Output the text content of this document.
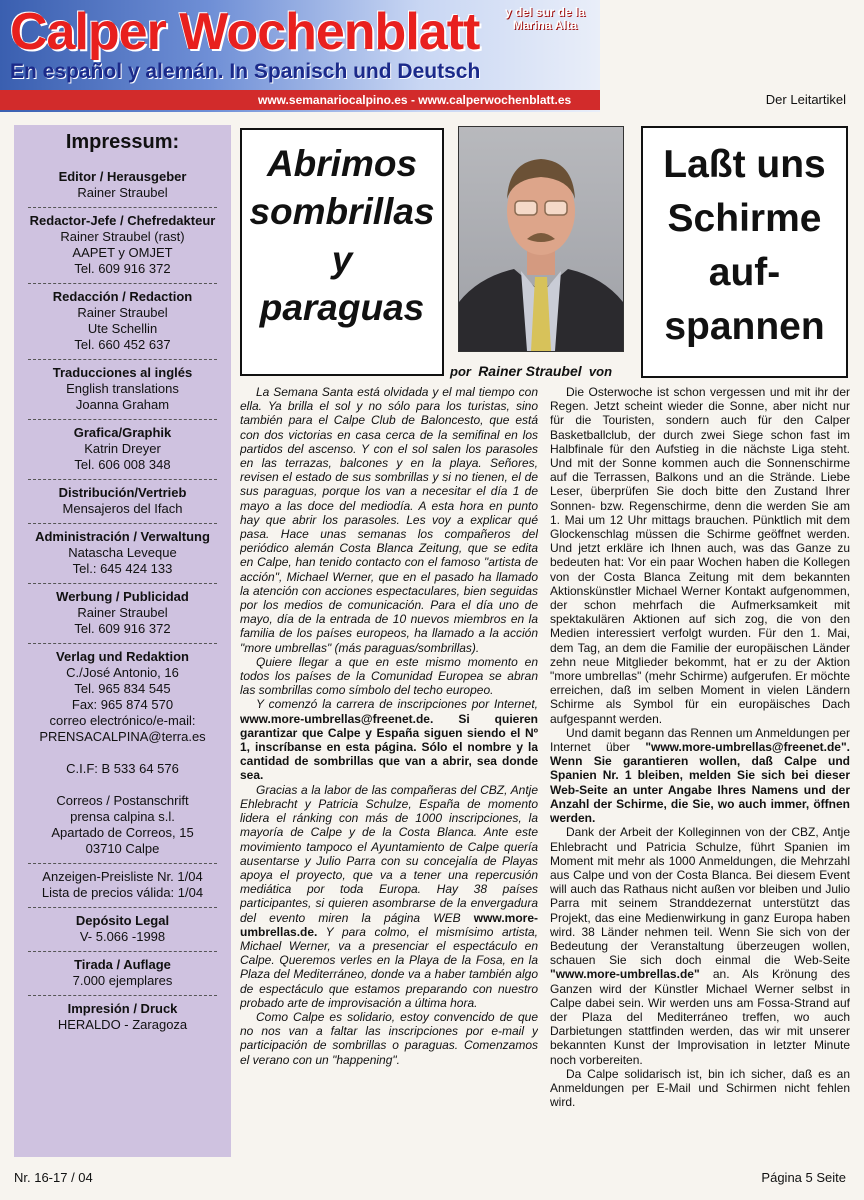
Calper Wochenblatt	y del sur de la Marina Alta
En español y alemán. In Spanisch und Deutsch
www.semanariocalpino.es - www.calperwochenblatt.es	Der Leitartikel
Impressum:
Editor / Herausgeber
Rainer Straubel
Redactor-Jefe / Chefredakteur
Rainer Straubel (rast)
AAPET y OMJET
Tel. 609 916 372
Redacción / Redaction
Rainer Straubel
Ute Schellin
Tel. 660 452 637
Traducciones al inglés
English translations
Joanna Graham
Grafica/Graphik
Katrin Dreyer
Tel. 606 008 348
Distribución/Vertrieb
Mensajeros del Ifach
Administración / Verwaltung
Natascha Leveque
Tel.: 645 424 133
Werbung / Publicidad
Rainer Straubel
Tel. 609 916 372
Verlag und Redaktion
C./José Antonio, 16
Tel. 965 834 545
Fax: 965 874 570
correo electrónico/e-mail:
PRENSACALPINA@terra.es

C.I.F: B 533 64 576

Correos / Postanschrift
prensa calpina s.l.
Apartado de Correos, 15
03710 Calpe
Anzeigen-Preisliste Nr. 1/04
Lista de precios válida: 1/04
Depósito Legal
V- 5.066 -1998
Tirada / Auflage
7.000 ejemplares
Impresión / Druck
HERALDO - Zaragoza
Abrimos
sombrillas
y
paraguas
Laßt uns
Schirme
auf-
spannen
por Rainer Straubel von

La Semana Santa está olvidada y el mal tiempo con ella. Ya brilla el sol y no sólo para los turistas, sino también para el Calpe Club de Baloncesto, que está con dos victorias en casa cerca de la semifinal en los partidos del ascenso. Y con el sol salen los parasoles en las terrazas, balcones y en la playa. Señores, revisen el estado de sus sombrillas y si no tienen, el de sus paraguas, porque los van a necesitar el día 1 de mayo a las doce del mediodía. A esta hora en punto hay que abrir los parasoles. Les voy a explicar qué pasa. Hace unas semanas los compañeros del periódico alemán Costa Blanca Zeitung, que se edita en Calpe, han tenido contacto con el famoso "artista de acción", Michael Werner, que en el pasado ha llamado la atención con acciones espectaculares, bien seguidas por los medios de comunicación. Para el día uno de mayo, día de la entrada de 10 nuevos miembros en la familia de los países europeos, ha llamado a la acción "more umbrellas" (más paraguas/sombrillas).

Quiere llegar a que en este mismo momento en todos los países de la Comunidad Europea se abran las sombrillas como símbolo del techo europeo.

Y comenzó la carrera de inscripciones por Internet, www.more-umbrellas@freenet.de. Si quieren garantizar que Calpe y España siguen siendo el Nº 1, inscríbanse en esta página. Sólo el nombre y la cantidad de sombrillas que van a abrir, sea donde sea.

Gracias a la labor de las compañeras del CBZ, Antje Ehlebracht y Patricia Schulze, España de momento lidera el ránking con más de 1000 inscripciones, la mayoría de Calpe y de la Costa Blanca. Ante este movimiento tampoco el Ayuntamiento de Calpe quería ausentarse y Julio Parra con su concejalía de Playas apoya el proyecto, que va a tener una repercusión mediática por toda Europa. Hay 38 países participantes, si quieren asombrarse de la envergadura del evento miren la página WEB www.more-umbrellas.de. Y para colmo, el mismísimo artista, Michael Werner, va a presenciar el espectáculo en Calpe. Queremos verles en la Playa de la Fosa, en la Plaza del Mediterráneo, donde va a haber también algo de espectáculo que estamos preparando con nuestro probado arte de improvisación a última hora.

Como Calpe es solidario, estoy convencido de que no nos van a faltar las inscripciones por e-mail y participación de sombrillas o paraguas. Comenzamos el verano con un "happening".

Die Osterwoche ist schon vergessen und mit ihr der Regen. Jetzt scheint wieder die Sonne, aber nicht nur für die Touristen, sondern auch für den Calper Basketballclub, der durch zwei Siege schon fast im Halbfinale für den Aufstieg in die nächste Liga steht. Und mit der Sonne kommen auch die Sonnenschirme auf die Terrassen, Balkons und an die Strände. Liebe Leser, überprüfen Sie doch bitte den Zustand Ihrer Sonnen- bzw. Regenschirme, denn die werden Sie am 1. Mai um 12 Uhr mittags brauchen. Pünktlich mit dem Glockenschlag müssen die Schirme geöffnet werden. Und jetzt erkläre ich Ihnen auch, was das Ganze zu bedeuten hat: Vor ein paar Wochen haben die Kollegen von der Costa Blanca Zeitung mit dem bekannten Aktionskünstler Michael Werner Kontakt aufgenommen, der schon mehrfach die Aufmerksamkeit mit spektakulären Aktionen auf sich zog, die von den Medien interessiert verfolgt wurden. Für den 1. Mai, dem Tag, an dem die Familie der europäischen Länder zehn neue Mitglieder bekommt, hat er zu der Aktion "more umbrellas" (mehr Schirme) aufgerufen. Er möchte erreichen, daß im selben Moment in vielen Ländern Schirme als Symbol für ein europäisches Dach aufgespannt werden.

Und damit begann das Rennen um Anmeldungen per Internet über "www.more-umbrellas@freenet.de". Wenn Sie garantieren wollen, daß Calpe und Spanien Nr. 1 bleiben, melden Sie sich bei dieser Web-Seite an unter Angabe Ihres Namens und der Anzahl der Schirme, die Sie, wo auch immer, öffnen werden.

Dank der Arbeit der Kolleginnen von der CBZ, Antje Ehlebracht und Patricia Schulze, führt Spanien im Moment mit mehr als 1000 Anmeldungen, die Mehrzahl aus Calpe und von der Costa Blanca. Bei diesem Event will auch das Rathaus nicht außen vor bleiben und Julio Parra mit seinem Stranddezernat unterstützt das Projekt, das eine Medienwirkung in ganz Europa haben wird. 38 Länder nehmen teil. Wenn Sie sich von der Bedeutung der Veranstaltung überzeugen wollen, schauen Sie sich doch einmal die Web-Seite "www.more-umbrellas.de" an. Als Krönung des Ganzen wird der Künstler Michael Werner selbst in Calpe dabei sein. Wir werden uns am Fossa-Strand auf der Plaza del Mediterráneo treffen, wo auch Darbietungen stattfinden werden, das wir mit unserer bekannten Kunst der Improvisation in letzter Minute noch vorbereiten.

Da Calpe solidarisch ist, bin ich sicher, daß es an Anmeldungen per E-Mail und Schirmen nicht fehlen wird.

Nr. 16-17 / 04	Página 5 Seite
